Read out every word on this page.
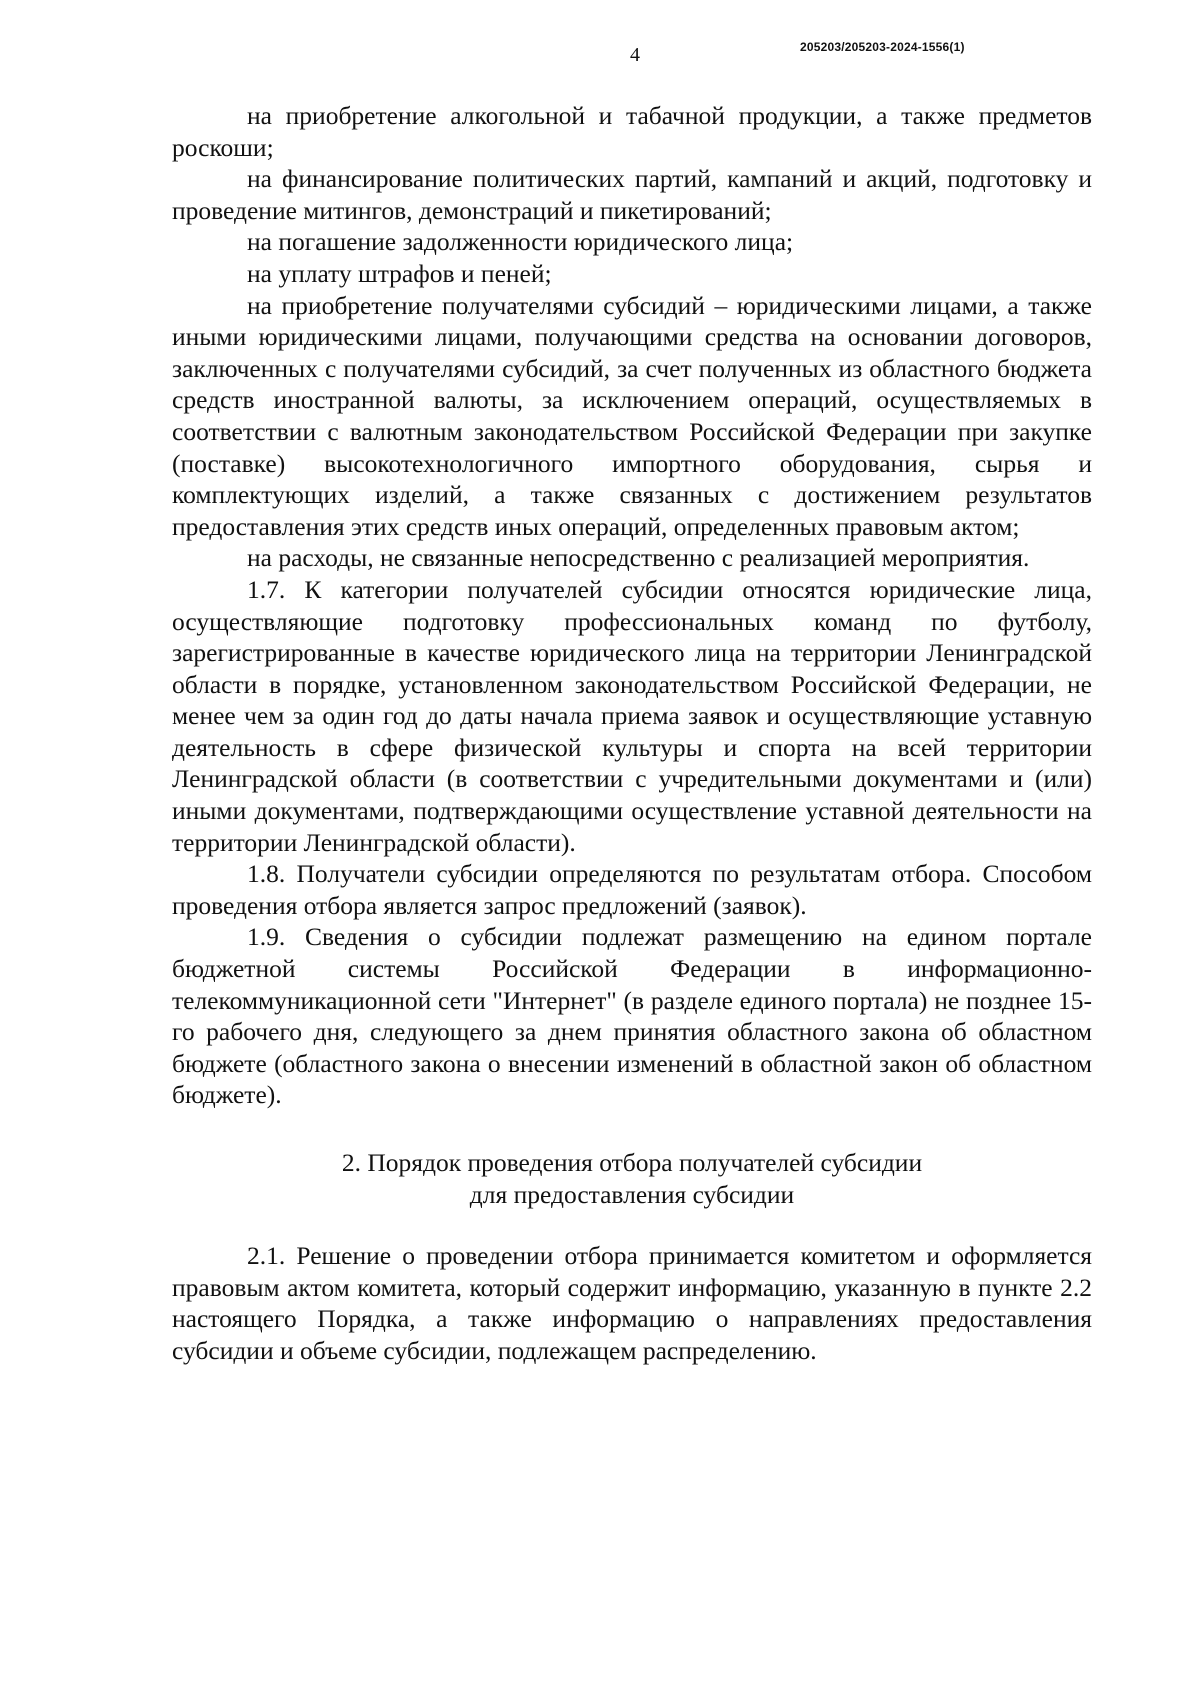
4	205203/205203-2024-1556(1)

на приобретение алкогольной и табачной продукции, а также предметов роскоши;

на финансирование политических партий, кампаний и акций, подготовку и проведение митингов, демонстраций и пикетирований;

на погашение задолженности юридического лица;

на уплату штрафов и пеней;

на приобретение получателями субсидий – юридическими лицами, а также иными юридическими лицами, получающими средства на основании договоров, заключенных с получателями субсидий, за счет полученных из областного бюджета средств иностранной валюты, за исключением операций, осуществляемых в соответствии с валютным законодательством Российской Федерации при закупке (поставке) высокотехнологичного импортного оборудования, сырья и комплектующих изделий, а также связанных с достижением результатов предоставления этих средств иных операций, определенных правовым актом;

на расходы, не связанные непосредственно с реализацией мероприятия.

1.7. К категории получателей субсидии относятся юридические лица, осуществляющие подготовку профессиональных команд по футболу, зарегистрированные в качестве юридического лица на территории Ленинградской области в порядке, установленном законодательством Российской Федерации, не менее чем за один год до даты начала приема заявок и осуществляющие уставную деятельность в сфере физической культуры и спорта на всей территории Ленинградской области (в соответствии с учредительными документами и (или) иными документами, подтверждающими осуществление уставной деятельности на территории Ленинградской области).

1.8. Получатели субсидии определяются по результатам отбора. Способом проведения отбора является запрос предложений (заявок).

1.9. Сведения о субсидии подлежат размещению на едином портале бюджетной системы Российской Федерации в информационно-телекоммуникационной сети "Интернет" (в разделе единого портала) не позднее 15-го рабочего дня, следующего за днем принятия областного закона об областном бюджете (областного закона о внесении изменений в областной закон об областном бюджете).

2. Порядок проведения отбора получателей субсидии
для предоставления субсидии

2.1. Решение о проведении отбора принимается комитетом и оформляется правовым актом комитета, который содержит информацию, указанную в пункте 2.2 настоящего Порядка, а также информацию о направлениях предоставления субсидии и объеме субсидии, подлежащем распределению.
